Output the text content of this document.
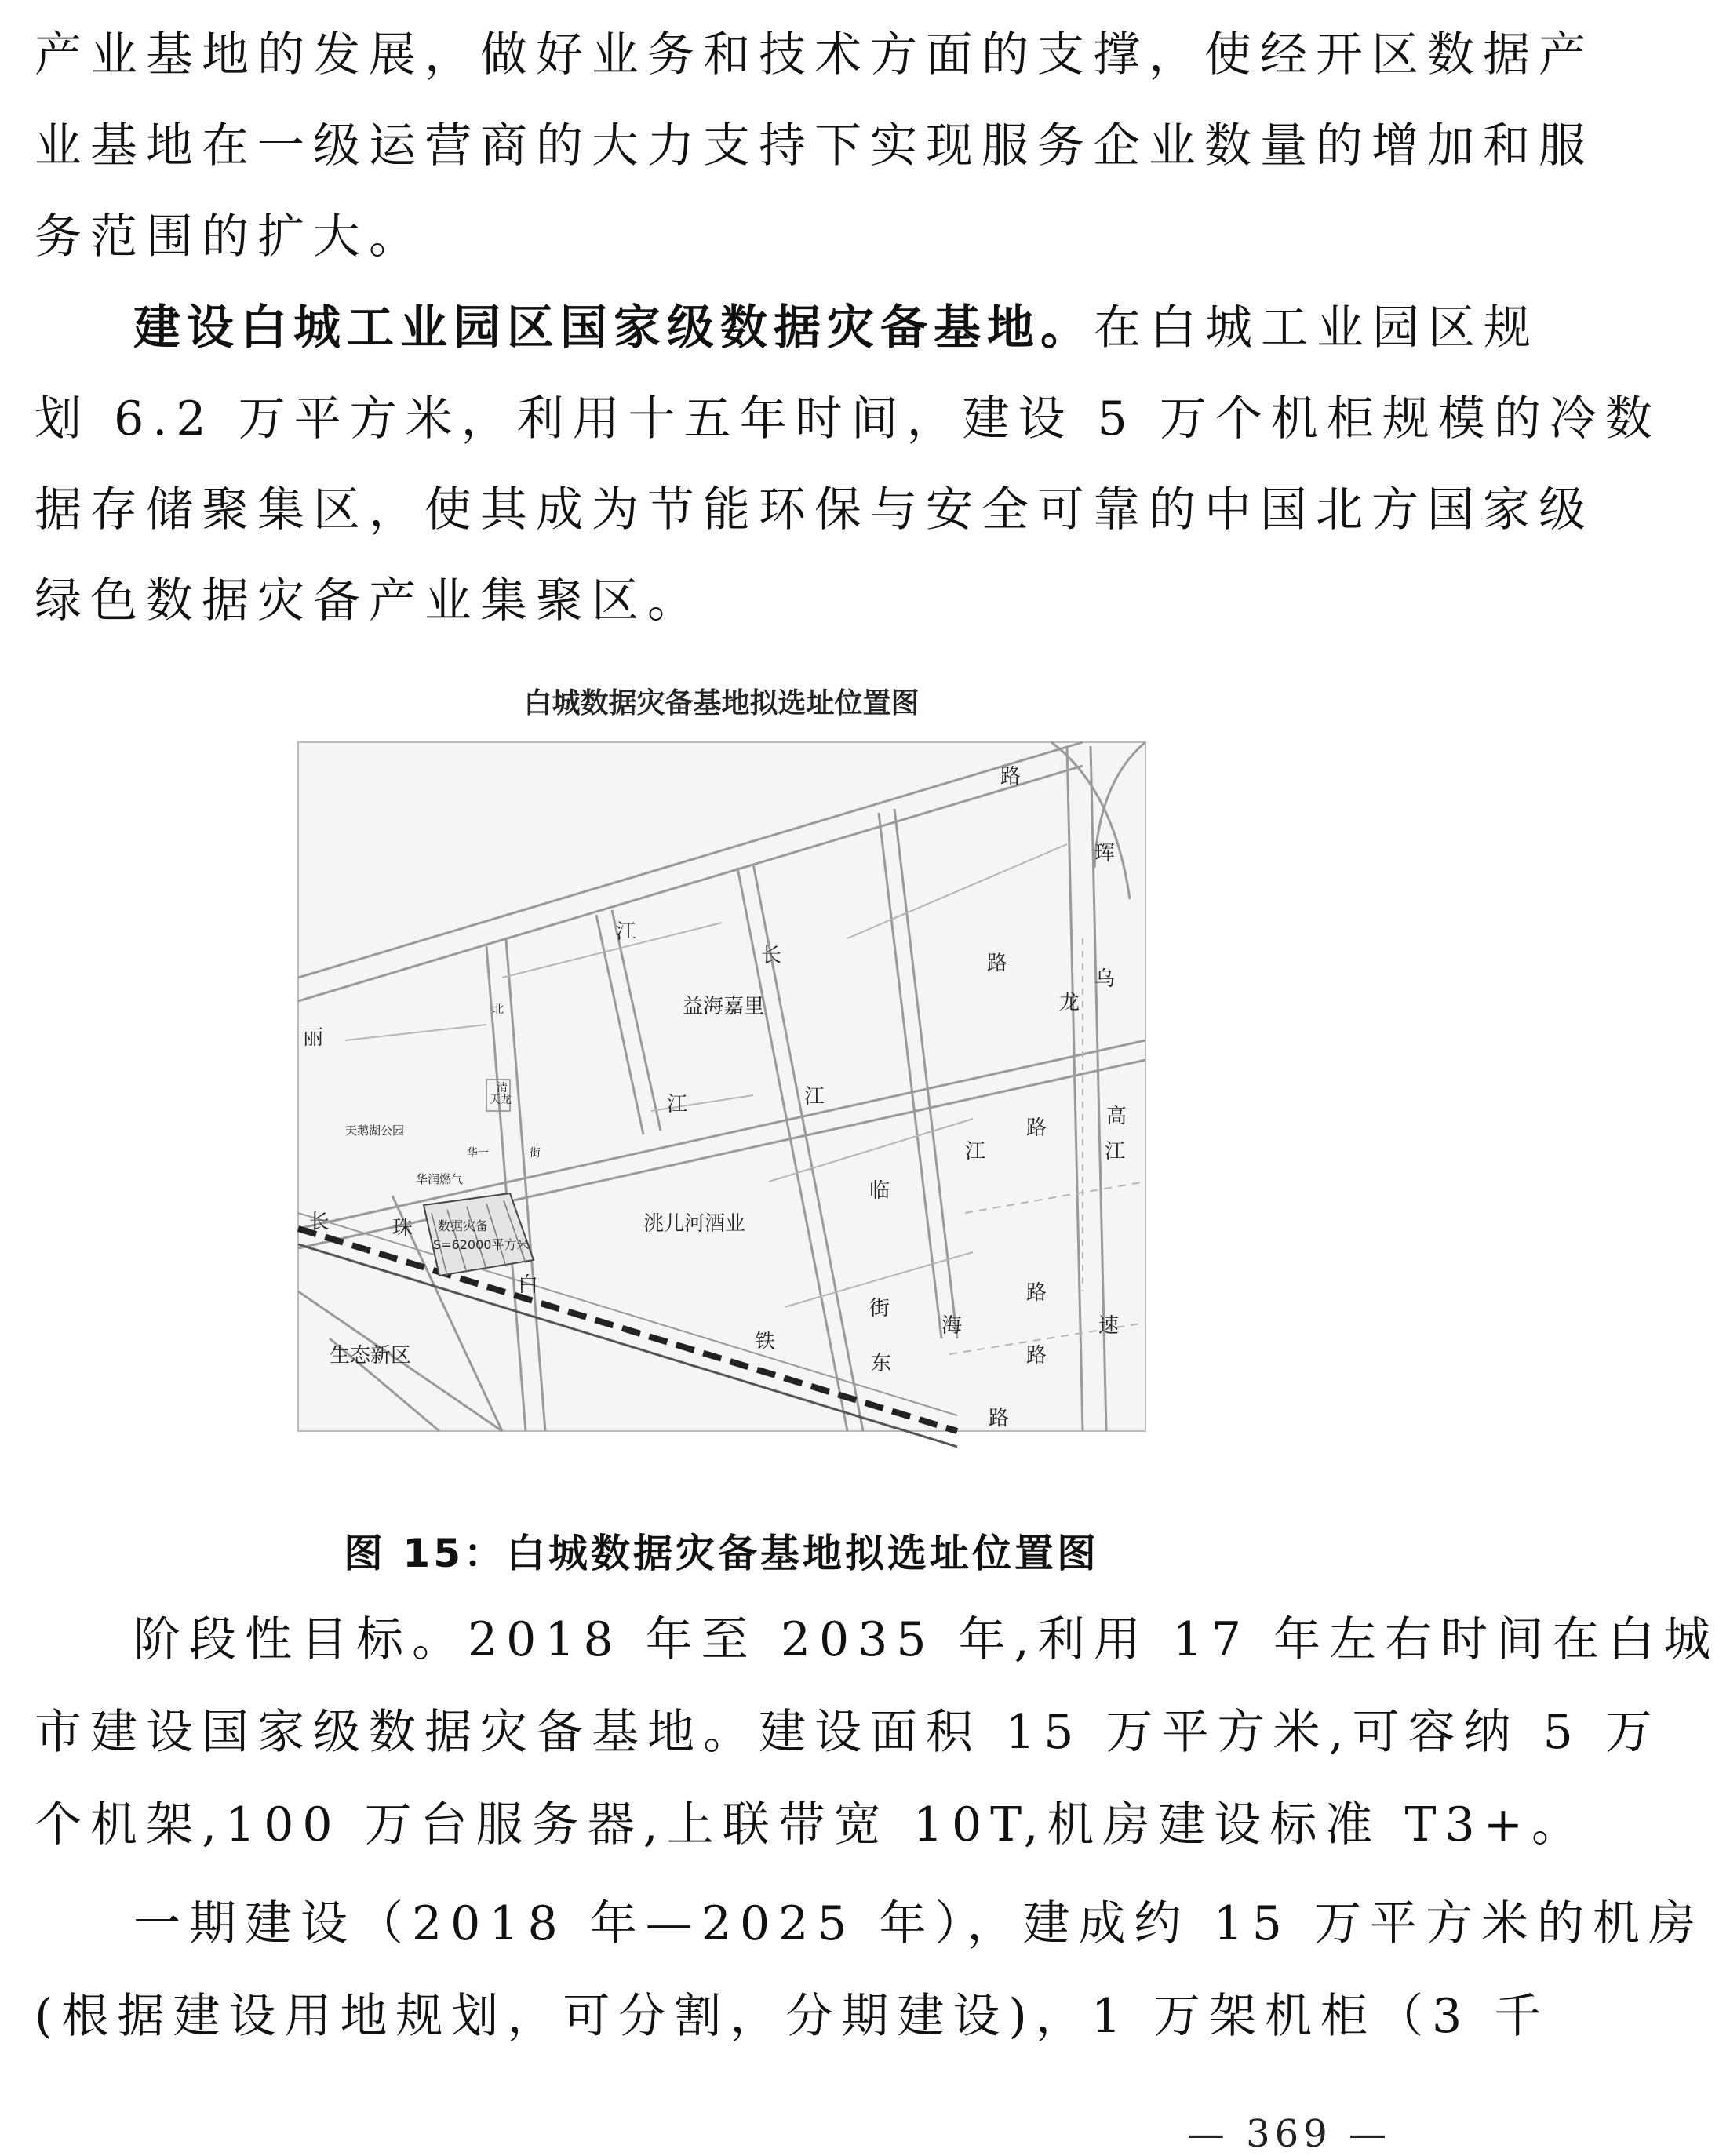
产业基地的发展，做好业务和技术方面的支撑，使经开区数据产
业基地在一级运营商的大力支持下实现服务企业数量的增加和服
务范围的扩大。
建设白城工业园区国家级数据灾备基地。 在白城工业园区规
划 6.2 万平方米，利用十五年时间，建设 5 万个机柜规模的冷数
据存储聚集区，使其成为节能环保与安全可靠的中国北方国家级
绿色数据灾备产业集聚区。
白城数据灾备基地拟选址位置图
路
珲
江
长	路
乌
益海嘉里	龙
丽
北
清
天龙	江	江
高
路
江	江
天鹅湖公园
华一	街
华润燃气	临
长	珠 数据灾备
S=62000平方米
洮儿河酒业
白
街
路
海	速
生态新区
铁
东	路
路
图 15：白城数据灾备基地拟选址位置图
阶段性目标。2018 年至 2035 年,利用 17 年左右时间在白城
市建设国家级数据灾备基地。建设面积 15 万平方米,可容纳 5 万
个机架,100 万台服务器,上联带宽 10T,机房建设标准 T3+。
一期建设（2018 年—2025 年），建成约 15 万平方米的机房
(根据建设用地规划，可分割，分期建设)，1 万架机柜（3 千
— 369 —
